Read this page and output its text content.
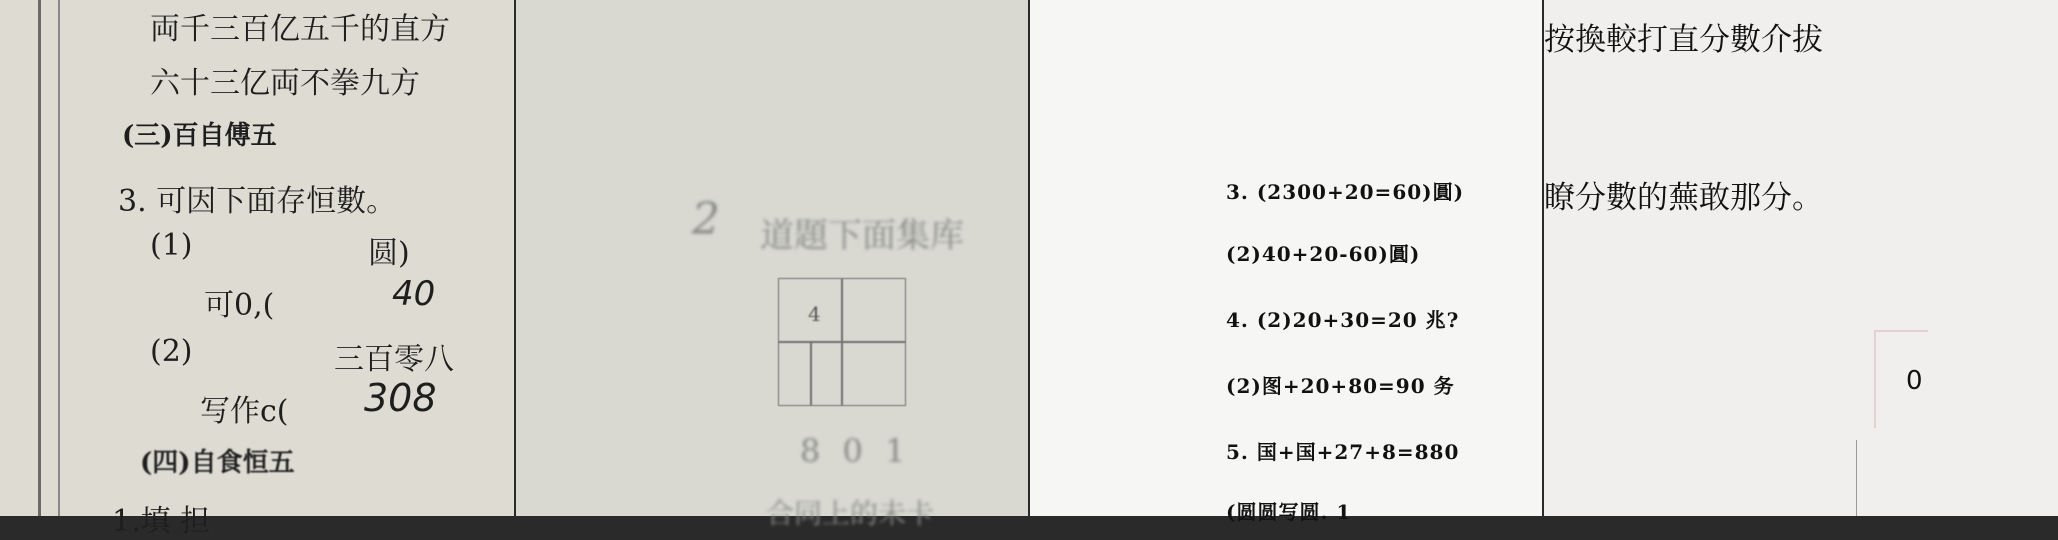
両千三百亿五千的直方
六十三亿両不拳九方
(三)百自傅五
3. 可因下面存恒數。
(1)	圆)
可0,(	40
(2)	三百零八
写作c( 308
(四)自食恒五
1.填 担
2 道題下面集库
4
8 0 1
合同上的未卡
3. (2300+20=60)圓)
(2)40+20-60)圓)
4. (2)20+30=20 兆?
(2)图+20+80=90 务
5. 国+国+27+8=880
(圆圆写圆. 1
按換較打直分數介拔
瞭分數的蕪敢那分。
0
